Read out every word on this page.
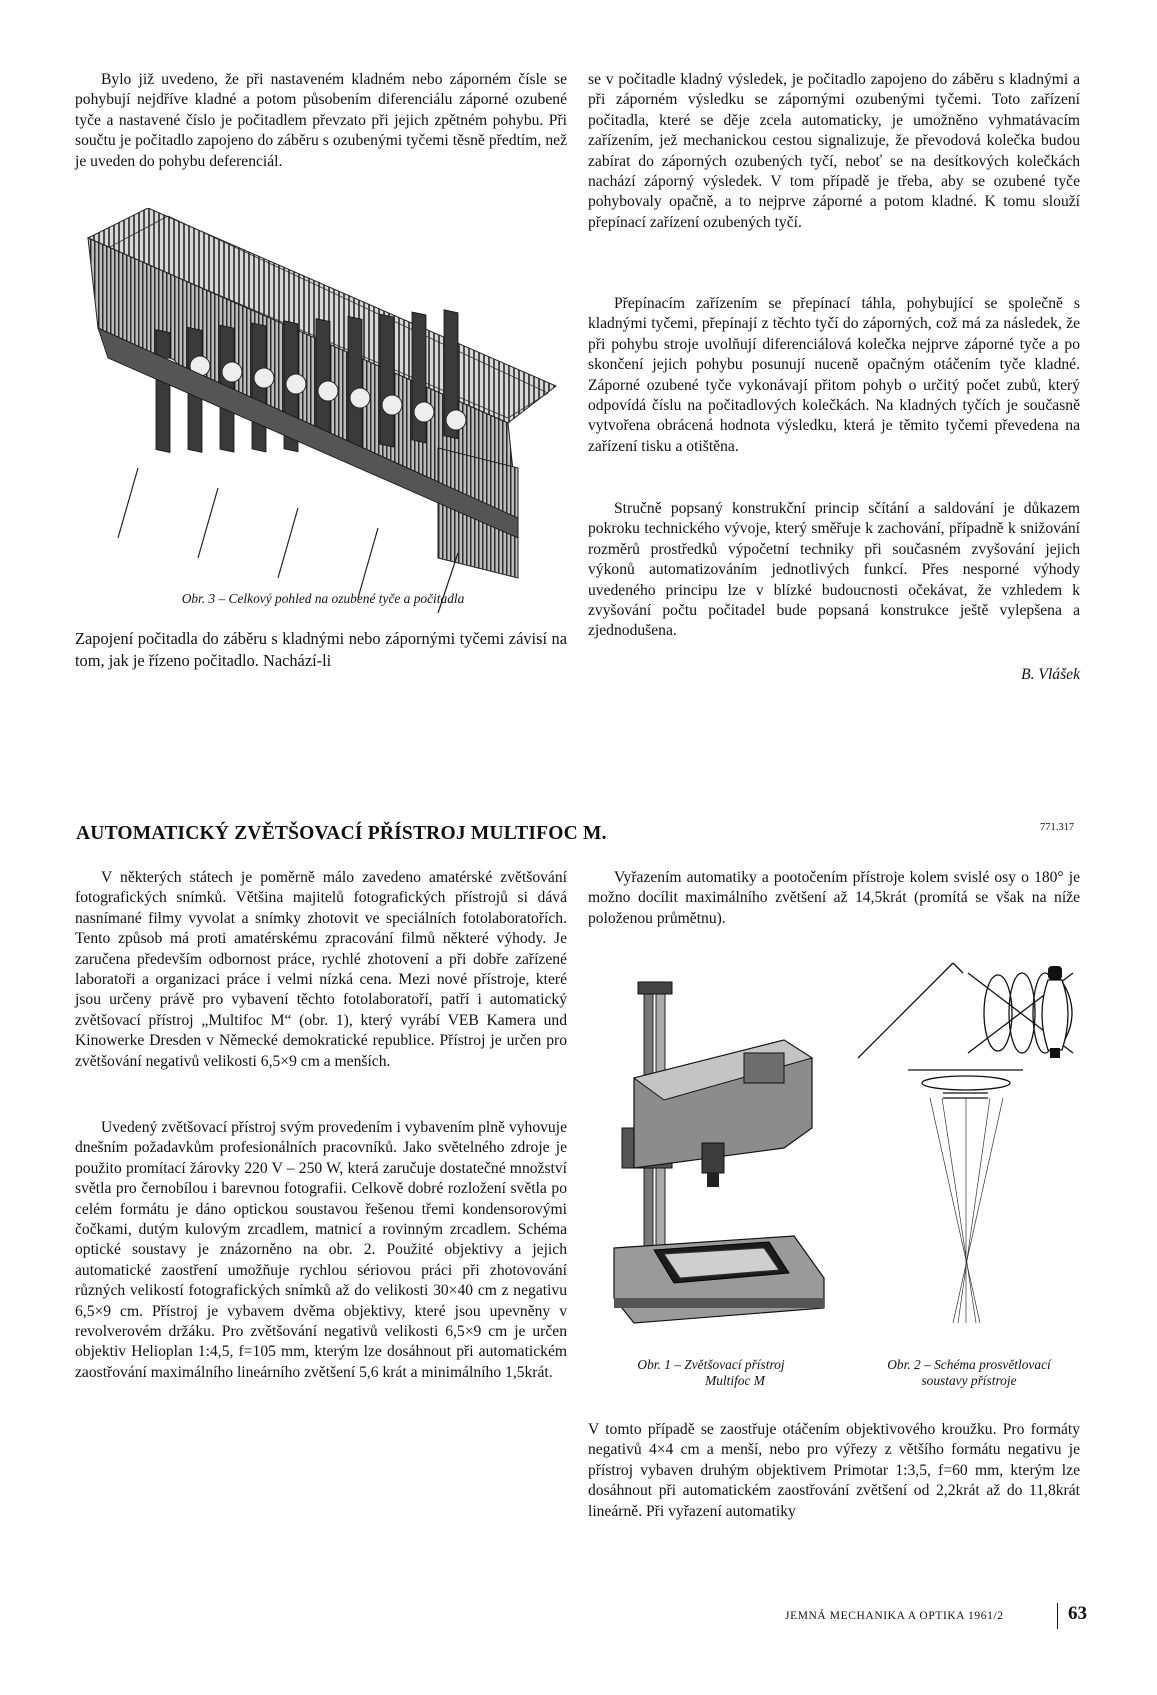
Bylo již uvedeno, že při nastaveném kladném nebo záporném čísle se pohybují nejdříve kladné a potom působením diferenciálu záporné ozubené tyče a nastavené číslo je počitadlem převzato při jejich zpětném pohybu. Při součtu je počitadlo zapojeno do záběru s ozubenými tyčemi těsně předtím, než je uveden do pohybu deferenciál.

Obr. 3 – Celkový pohled na ozubené tyče a počitadla

Zapojení počitadla do záběru s kladnými nebo zápornými tyčemi závisí na tom, jak je řízeno počitadlo. Nachází-li

se v počitadle kladný výsledek, je počitadlo zapojeno do záběru s kladnými a při záporném výsledku se zápornými ozubenými tyčemi. Toto zařízení počitadla, které se děje zcela automaticky, je umožněno vyhmatávacím zařízením, jež mechanickou cestou signalizuje, že převodová kolečka budou zabírat do záporných ozubených tyčí, neboť se na desítkových kolečkách nachází záporný výsledek. V tom případě je třeba, aby se ozubené tyče pohybovaly opačně, a to nejprve záporné a potom kladné. K tomu slouží přepínací zařízení ozubených tyčí.

Přepínacím zařízením se přepínací táhla, pohybující se společně s kladnými tyčemi, přepínají z těchto tyčí do záporných, což má za následek, že při pohybu stroje uvolňují diferenciálová kolečka nejprve záporné tyče a po skončení jejich pohybu posunují nuceně opačným otáčením tyče kladné. Záporné ozubené tyče vykonávají přitom pohyb o určitý počet zubů, který odpovídá číslu na počitadlových kolečkách. Na kladných tyčích je současně vytvořena obrácená hodnota výsledku, která je těmito tyčemi převedena na zařízení tisku a otištěna.

Stručně popsaný konstrukční princip sčítání a saldování je důkazem pokroku technického vývoje, který směřuje k zachování, případně k snižování rozměrů prostředků výpočetní techniky při současném zvyšování jejich výkonů automatizováním jednotlivých funkcí. Přes nesporné výhody uvedeného principu lze v blízké budoucnosti očekávat, že vzhledem k zvyšování počtu počitadel bude popsaná konstrukce ještě vylepšena a zjednodušena.

B. Vlášek
AUTOMATICKÝ ZVĚTŠOVACÍ PŘÍSTROJ MULTIFOC M.	771.317

V některých státech je poměrně málo zavedeno amatérské zvětšování fotografických snímků. Většina majitelů fotografických přístrojů si dává nasnímané filmy vyvolat a snímky zhotovit ve speciálních fotolaboratořích. Tento způsob má proti amatérskému zpracování filmů některé výhody. Je zaručena především odbornost práce, rychlé zhotovení a při dobře zařízené laboratoři a organizaci práce i velmi nízká cena. Mezi nové přístroje, které jsou určeny právě pro vybavení těchto fotolaboratoří, patří i automatický zvětšovací přístroj „Multifoc M“ (obr. 1), který vyrábí VEB Kamera und Kinowerke Dresden v Německé demokratické republice. Přístroj je určen pro zvětšování negativů velikosti 6,5×9 cm a menších.

Uvedený zvětšovací přístroj svým provedením i vybavením plně vyhovuje dnešním požadavkům profesionálních pracovníků. Jako světelného zdroje je použito promítací žárovky 220 V – 250 W, která zaručuje dostatečné množství světla pro černobílou i barevnou fotografii. Celkově dobré rozložení světla po celém formátu je dáno optickou soustavou řešenou třemi kondensorovými čočkami, dutým kulovým zrcadlem, matnicí a rovinným zrcadlem. Schéma optické soustavy je znázorněno na obr. 2. Použité objektivy a jejich automatické zaostření umožňuje rychlou sériovou práci při zhotovování různých velikostí fotografických snímků až do velikosti 30×40 cm z negativu 6,5×9 cm. Přístroj je vybavem dvěma objektivy, které jsou upevněny v revolverovém držáku. Pro zvětšování negativů velikosti 6,5×9 cm je určen objektiv Helioplan 1:4,5, f=105 mm, kterým lze dosáhnout při automatickém zaostřování maximálního lineárního zvětšení 5,6 krát a minimálního 1,5krát.

Vyřazením automatiky a pootočením přístroje kolem svislé osy o 180° je možno docílit maximálního zvětšení až 14,5krát (promítá se však na níže položenou průmětnu).

Obr. 1 – Zvětšovací přístroj

Multifoc M

Obr. 2 – Schéma prosvětlovací

soustavy přístroje

V tomto případě se zaostřuje otáčením objektivového kroužku. Pro formáty negativů 4×4 cm a menší, nebo pro výřezy z většího formátu negativu je přístroj vybaven druhým objektivem Primotar 1:3,5, f=60 mm, kterým lze dosáhnout při automatickém zaostřování zvětšení od 2,2krát až do 11,8krát lineárně. Při vyřazení automatiky

JEMNÁ MECHANIKA A OPTIKA 1961/2	63
